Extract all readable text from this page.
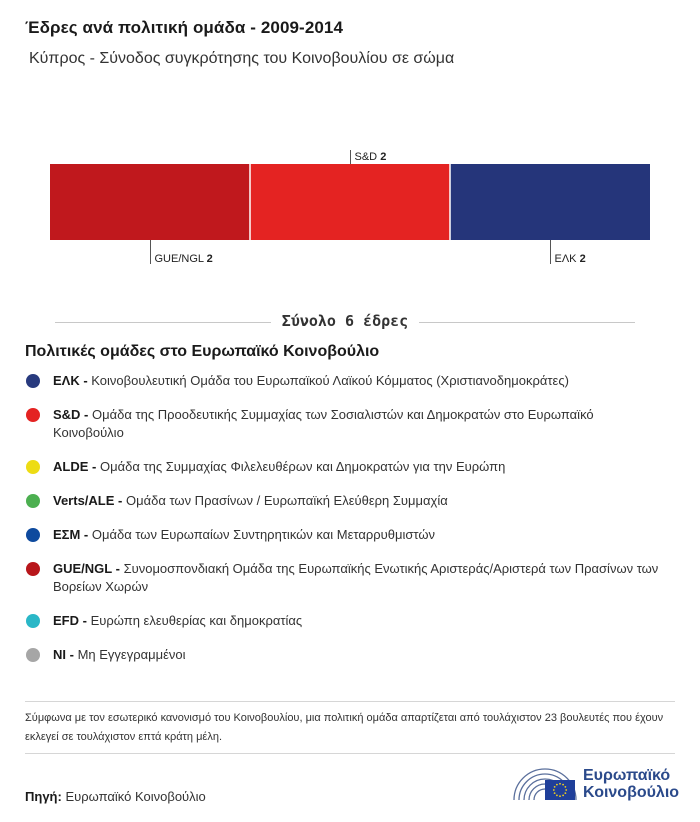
Έδρες ανά πολιτική ομάδα - 2009-2014
Κύπρος - Σύνοδος συγκρότησης του Κοινοβουλίου σε σώμα
GUE/NGL 2
S&D 2
ΕΛΚ 2
Σύνολο 6 έδρες
Πολιτικές ομάδες στο Ευρωπαϊκό Κοινοβούλιο
ΕΛΚ - Κοινοβουλευτική Ομάδα του Ευρωπαϊκού Λαϊκού Κόμματος (Χριστιανοδημοκράτες)
S&D - Ομάδα της Προοδευτικής Συμμαχίας των Σοσιαλιστών και Δημοκρατών στο Ευρωπαϊκό Κοινοβούλιο
ALDE - Ομάδα της Συμμαχίας Φιλελευθέρων και Δημοκρατών για την Ευρώπη
Verts/ALE - Ομάδα των Πρασίνων / Ευρωπαϊκή Ελεύθερη Συμμαχία
ΕΣΜ - Ομάδα των Ευρωπαίων Συντηρητικών και Μεταρρυθμιστών
GUE/NGL - Συνομοσπονδιακή Ομάδα της Ευρωπαϊκής Ενωτικής Αριστεράς/Αριστερά των Πρασίνων των Βορείων Χωρών
EFD - Ευρώπη ελευθερίας και δημοκρατίας
NI - Μη Εγγεγραμμένοι
Σύμφωνα με τον εσωτερικό κανονισμό του Κοινοβουλίου, μια πολιτική ομάδα απαρτίζεται από τουλάχιστον 23 βουλευτές που έχουν εκλεγεί σε τουλάχιστον επτά κράτη μέλη.
Πηγή: Ευρωπαϊκό Κοινοβούλιο
Ευρωπαϊκό
Κοινοβούλιο
